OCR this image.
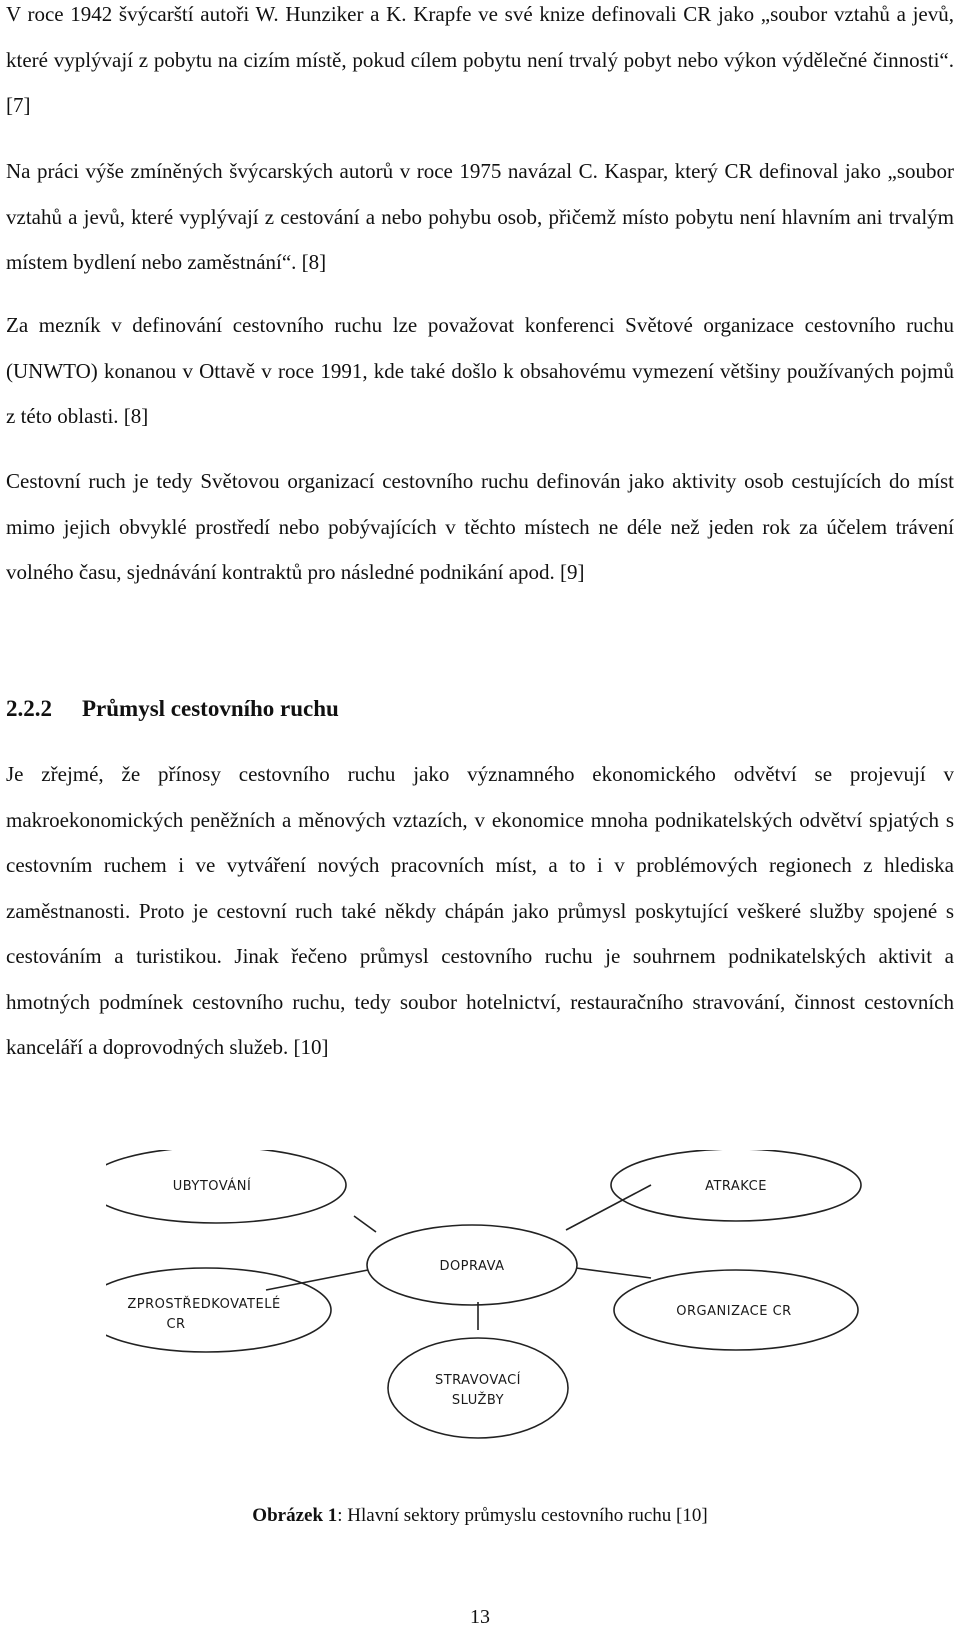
V roce 1942 švýcarští autoři W. Hunziker a K. Krapfe ve své knize definovali CR jako „soubor vztahů a jevů, které vyplývají z pobytu na cizím místě, pokud cílem pobytu není trvalý pobyt nebo výkon výdělečné činnosti“. [7]

Na práci výše zmíněných švýcarských autorů v roce 1975 navázal C. Kaspar, který CR definoval jako „soubor vztahů a jevů, které vyplývají z cestování a nebo pohybu osob, přičemž místo pobytu není hlavním ani trvalým místem bydlení nebo zaměstnání“. [8]

Za mezník v definování cestovního ruchu lze považovat konferenci Světové organizace cestovního ruchu (UNWTO) konanou v Ottavě v roce 1991, kde také došlo k obsahovému vymezení většiny používaných pojmů z této oblasti. [8]

Cestovní ruch je tedy Světovou organizací cestovního ruchu definován jako aktivity osob cestujících do míst mimo jejich obvyklé prostředí nebo pobývajících v těchto místech ne déle než jeden rok za účelem trávení volného času, sjednávání kontraktů pro následné podnikání apod. [9]

2.2.2 Průmysl cestovního ruchu

Je zřejmé, že přínosy cestovního ruchu jako významného ekonomického odvětví se projevují v makroekonomických peněžních a měnových vztazích, v ekonomice mnoha podnikatelských odvětví spjatých s cestovním ruchem i ve vytváření nových pracovních míst, a to i v problémových regionech z hlediska zaměstnanosti. Proto je cestovní ruch také někdy chápán jako průmysl poskytující veškeré služby spojené s cestováním a turistikou. Jinak řečeno průmysl cestovního ruchu je souhrnem podnikatelských aktivit a hmotných podmínek cestovního ruchu, tedy soubor hotelnictví, restauračního stravování, činnost cestovních kanceláří a doprovodných služeb. [10]

UBYTOVÁNÍ	ATRAKCE
DOPRAVA
ZPROSTŘEDKOVATELÉ
CR
ORGANIZACE CR
STRAVOVACÍ
SLUŽBY

Obrázek 1: Hlavní sektory průmyslu cestovního ruchu [10]

13
